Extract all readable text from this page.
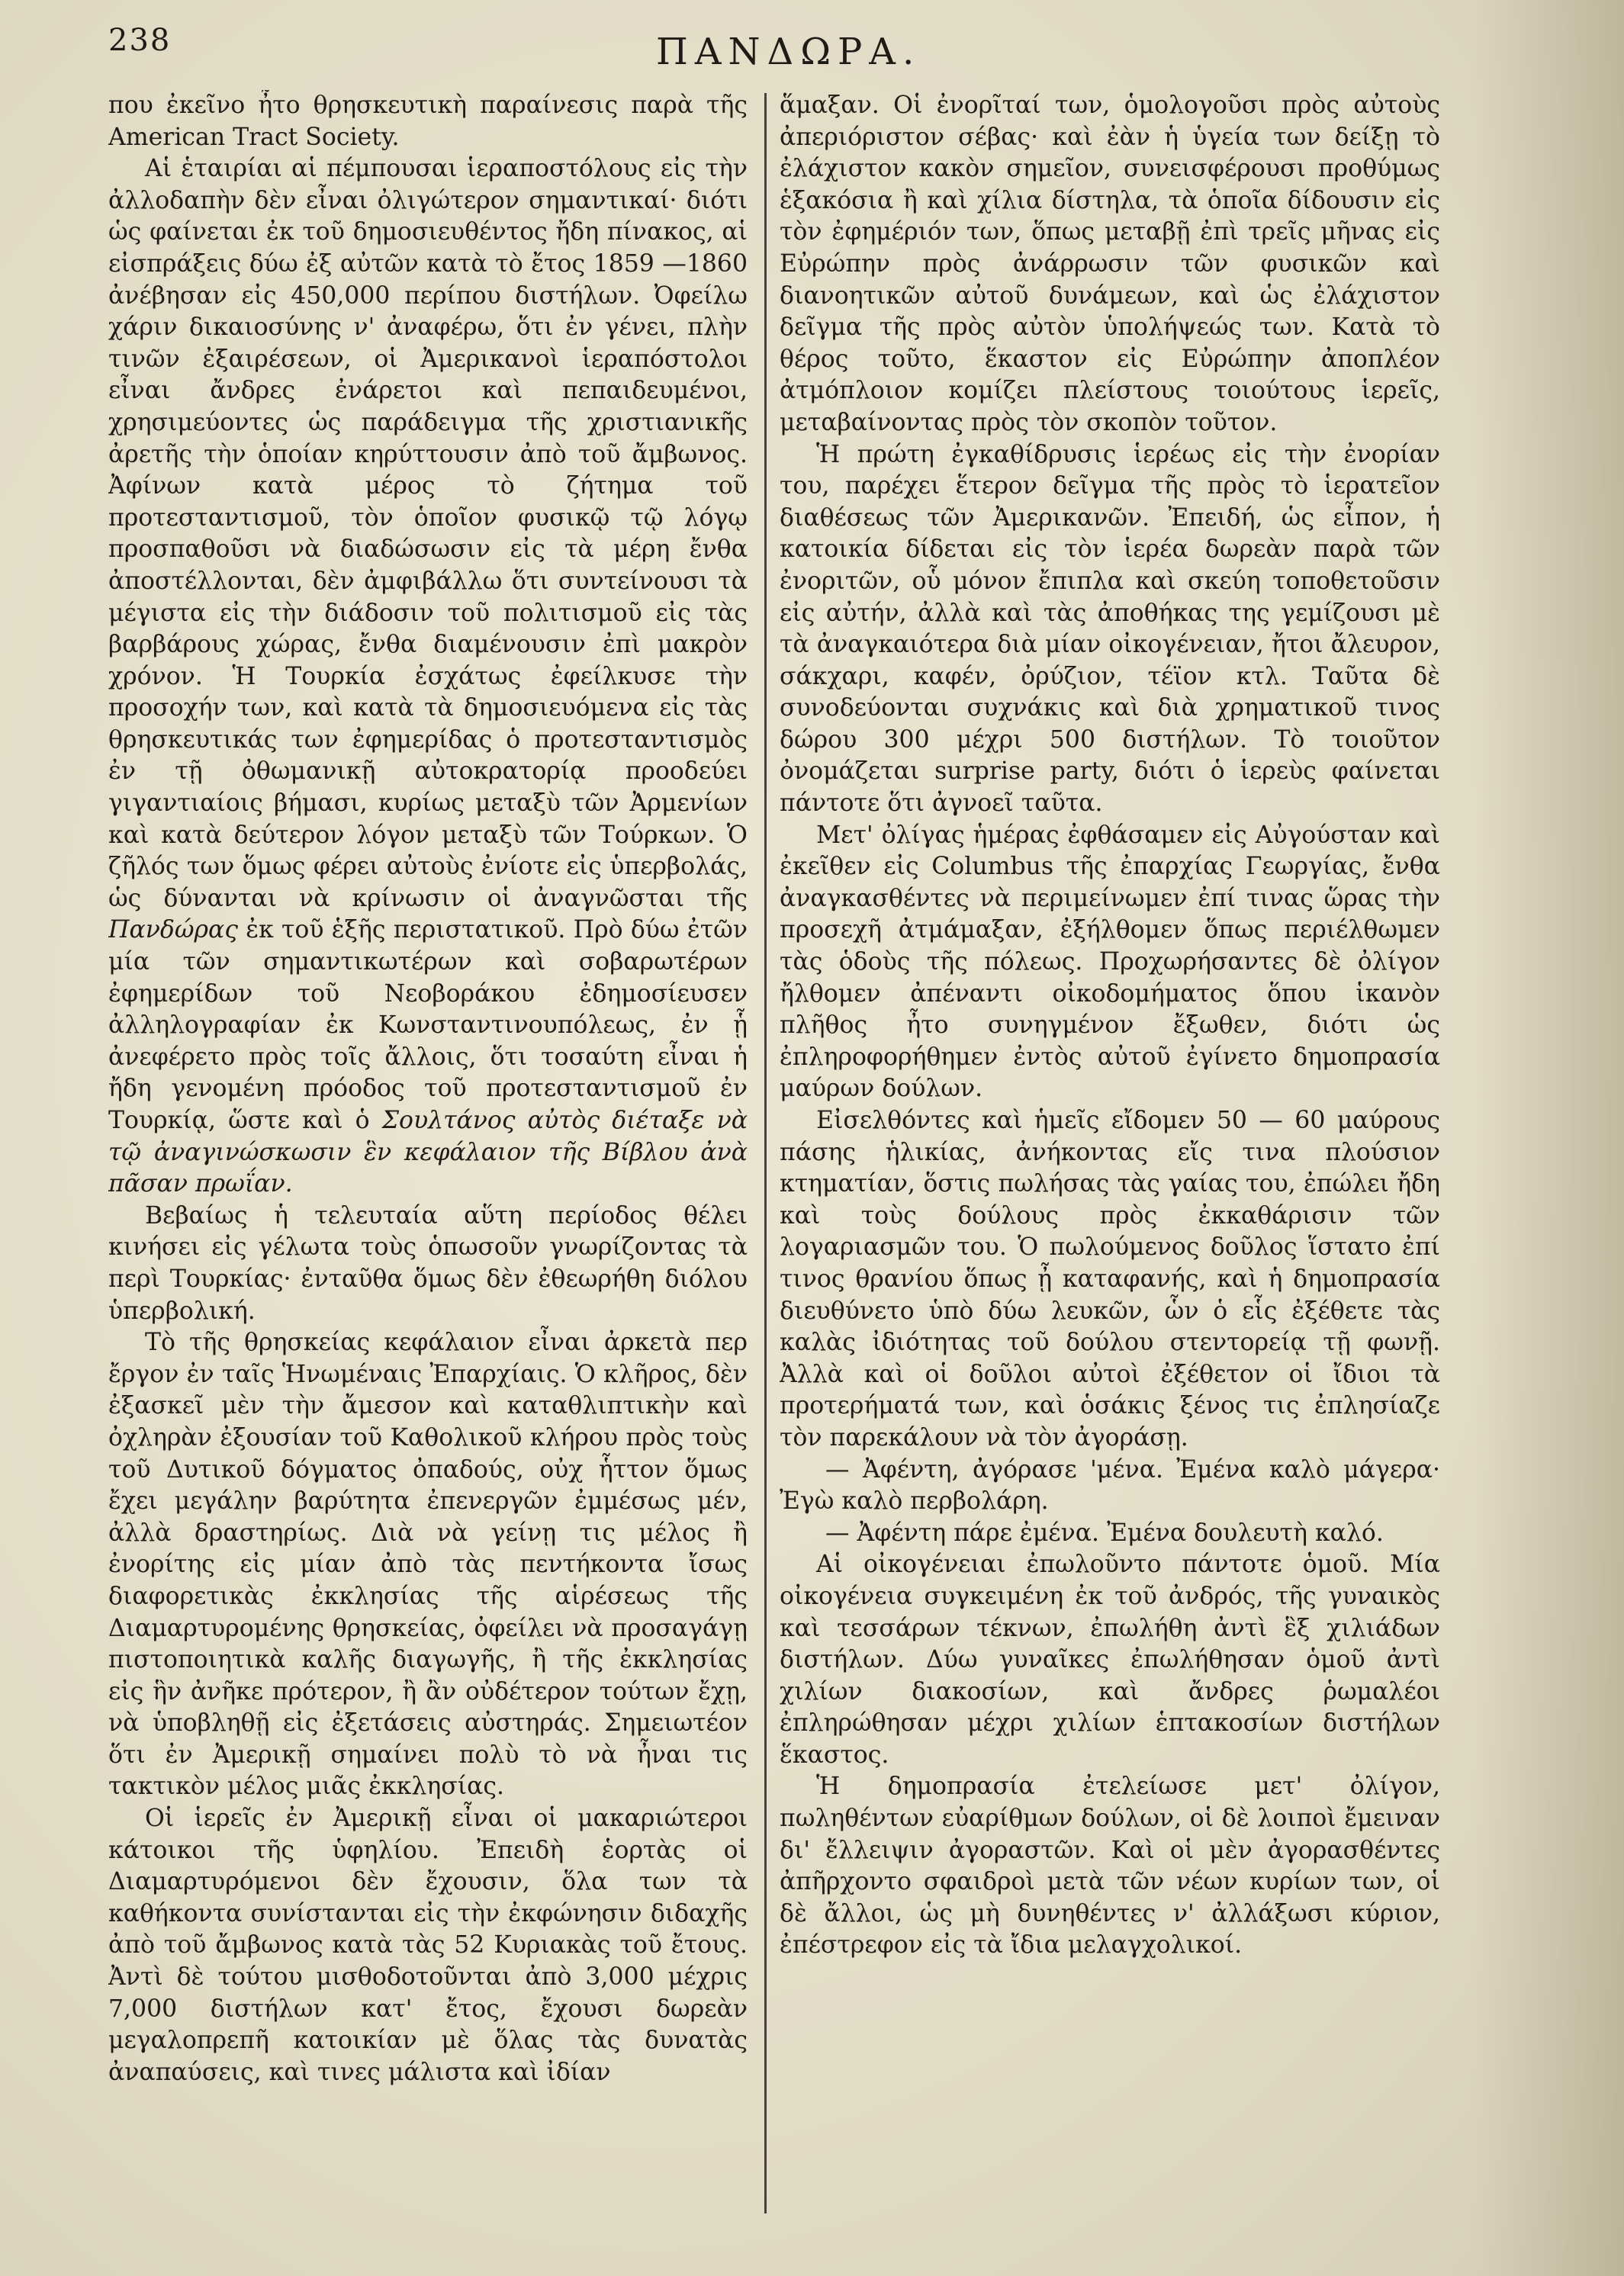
238	ΠΑΝΔΩΡΑ.

που ἐκεῖνο ἦτο θρησκευτικὴ παραίνεσις παρὰ τῆς American Tract Society.

Αἱ ἑταιρίαι αἱ πέμπουσαι ἱεραποστόλους εἰς τὴν ἀλλοδαπὴν δὲν εἶναι ὀλιγώτερον σημαντικαί· διότι ὡς φαίνεται ἐκ τοῦ δημοσιευθέντος ἤδη πίνακος, αἱ εἰσπράξεις δύω ἐξ αὐτῶν κατὰ τὸ ἔτος 1859 —1860 ἀνέβησαν εἰς 450,000 περίπου διστήλων. Ὀφείλω χάριν δικαιοσύνης ν' ἀναφέρω, ὅτι ἐν γένει, πλὴν τινῶν ἐξαιρέσεων, οἱ Ἀμερικανοὶ ἱεραπόστολοι εἶναι ἄνδρες ἐνάρετοι καὶ πεπαιδευμένοι, χρησιμεύοντες ὡς παράδειγμα τῆς χριστιανικῆς ἀρετῆς τὴν ὁποίαν κηρύττουσιν ἀπὸ τοῦ ἄμβωνος. Ἀφίνων κατὰ μέρος τὸ ζήτημα τοῦ προτεσταντισμοῦ, τὸν ὁποῖον φυσικῷ τῷ λόγῳ προσπαθοῦσι νὰ διαδώσωσιν εἰς τὰ μέρη ἔνθα ἀποστέλλονται, δὲν ἀμφιβάλλω ὅτι συντείνουσι τὰ μέγιστα εἰς τὴν διάδοσιν τοῦ πολιτισμοῦ εἰς τὰς βαρβάρους χώρας, ἔνθα διαμένουσιν ἐπὶ μακρὸν χρόνον. Ἡ Τουρκία ἐσχάτως ἐφείλκυσε τὴν προσοχήν των, καὶ κατὰ τὰ δημοσιευόμενα εἰς τὰς θρησκευτικάς των ἐφημερίδας ὁ προτεσταντισμὸς ἐν τῇ ὀθωμανικῇ αὐτοκρατορίᾳ προοδεύει γιγαντιαίοις βήμασι, κυρίως μεταξὺ τῶν Ἀρμενίων καὶ κατὰ δεύτερον λόγον μεταξὺ τῶν Τούρκων. Ὁ ζῆλός των ὅμως φέρει αὐτοὺς ἐνίοτε εἰς ὑπερβολάς, ὡς δύνανται νὰ κρίνωσιν οἱ ἀναγνῶσται τῆς Πανδώρας ἐκ τοῦ ἑξῆς περιστατικοῦ. Πρὸ δύω ἐτῶν μία τῶν σημαντικωτέρων καὶ σοβαρωτέρων ἐφημερίδων τοῦ Νεοβοράκου ἐδημοσίευσεν ἀλληλογραφίαν ἐκ Κωνσταντινουπόλεως, ἐν ᾗ ἀνεφέρετο πρὸς τοῖς ἄλλοις, ὅτι τοσαύτη εἶναι ἡ ἤδη γενομένη πρόοδος τοῦ προτεσταντισμοῦ ἐν Τουρκίᾳ, ὥστε καὶ ὁ Σουλτάνος αὐτὸς διέταξε νὰ τῷ ἀναγινώσκωσιν ἓν κεφάλαιον τῆς Βίβλου ἀνὰ πᾶσαν πρωΐαν.

Βεβαίως ἡ τελευταία αὕτη περίοδος θέλει κινήσει εἰς γέλωτα τοὺς ὁπωσοῦν γνωρίζοντας τὰ περὶ Τουρκίας· ἐνταῦθα ὅμως δὲν ἐθεωρήθη διόλου ὑπερβολική.

Τὸ τῆς θρησκείας κεφάλαιον εἶναι ἀρκετὰ περ ἔργον ἐν ταῖς Ἡνωμέναις Ἐπαρχίαις. Ὁ κλῆρος, δὲν ἐξασκεῖ μὲν τὴν ἄμεσον καὶ καταθλιπτικὴν καὶ ὀχληρὰν ἐξουσίαν τοῦ Καθολικοῦ κλήρου πρὸς τοὺς τοῦ Δυτικοῦ δόγματος ὀπαδούς, οὐχ ἧττον ὅμως ἔχει μεγάλην βαρύτητα ἐπενεργῶν ἐμμέσως μέν, ἀλλὰ δραστηρίως. Διὰ νὰ γείνῃ τις μέλος ἢ ἐνορίτης εἰς μίαν ἀπὸ τὰς πεντήκοντα ἴσως διαφορετικὰς ἐκκλησίας τῆς αἱρέσεως τῆς Διαμαρτυρομένης θρησκείας, ὀφείλει νὰ προσαγάγῃ πιστοποιητικὰ καλῆς διαγωγῆς, ἢ τῆς ἐκκλησίας εἰς ἣν ἀνῆκε πρότερον, ἢ ἂν οὐδέτερον τούτων ἔχῃ, νὰ ὑποβληθῇ εἰς ἐξετάσεις αὐστηράς. Σημειωτέον ὅτι ἐν Ἀμερικῇ σημαίνει πολὺ τὸ νὰ ἦναι τις τακτικὸν μέλος μιᾶς ἐκκλησίας.

Οἱ ἱερεῖς ἐν Ἀμερικῇ εἶναι οἱ μακαριώτεροι κάτοικοι τῆς ὑφηλίου. Ἐπειδὴ ἑορτὰς οἱ Διαμαρτυρόμενοι δὲν ἔχουσιν, ὅλα των τὰ καθήκοντα συνίστανται εἰς τὴν ἐκφώνησιν διδαχῆς ἀπὸ τοῦ ἄμβωνος κατὰ τὰς 52 Κυριακὰς τοῦ ἔτους. Ἀντὶ δὲ τούτου μισθοδοτοῦνται ἀπὸ 3,000 μέχρις 7,000 διστήλων κατ' ἔτος, ἔχουσι δωρεὰν μεγαλοπρεπῆ κατοικίαν μὲ ὅλας τὰς δυνατὰς ἀναπαύσεις, καὶ τινες μάλιστα καὶ ἰδίαν

ἅμαξαν. Οἱ ἐνορῖταί των, ὁμολογοῦσι πρὸς αὐτοὺς ἀπεριόριστον σέβας· καὶ ἐὰν ἡ ὑγεία των δείξῃ τὸ ἐλάχιστον κακὸν σημεῖον, συνεισφέρουσι προθύμως ἑξακόσια ἢ καὶ χίλια δίστηλα, τὰ ὁποῖα δίδουσιν εἰς τὸν ἐφημέριόν των, ὅπως μεταβῇ ἐπὶ τρεῖς μῆνας εἰς Εὐρώπην πρὸς ἀνάρρωσιν τῶν φυσικῶν καὶ διανοητικῶν αὐτοῦ δυνάμεων, καὶ ὡς ἐλάχιστον δεῖγμα τῆς πρὸς αὐτὸν ὑπολήψεώς των. Κατὰ τὸ θέρος τοῦτο, ἕκαστον εἰς Εὐρώπην ἀποπλέον ἀτμόπλοιον κομίζει πλείστους τοιούτους ἱερεῖς, μεταβαίνοντας πρὸς τὸν σκοπὸν τοῦτον.

Ἡ πρώτη ἐγκαθίδρυσις ἱερέως εἰς τὴν ἐνορίαν του, παρέχει ἕτερον δεῖγμα τῆς πρὸς τὸ ἱερατεῖον διαθέσεως τῶν Ἀμερικανῶν. Ἐπειδή, ὡς εἶπον, ἡ κατοικία δίδεται εἰς τὸν ἱερέα δωρεὰν παρὰ τῶν ἐνοριτῶν, οὗ μόνον ἔπιπλα καὶ σκεύη τοποθετοῦσιν εἰς αὐτήν, ἀλλὰ καὶ τὰς ἀποθήκας της γεμίζουσι μὲ τὰ ἀναγκαιότερα διὰ μίαν οἰκογένειαν, ἤτοι ἄλευρον, σάκχαρι, καφέν, ὀρύζιον, τέϊον κτλ. Ταῦτα δὲ συνοδεύονται συχνάκις καὶ διὰ χρηματικοῦ τινος δώρου 300 μέχρι 500 διστήλων. Τὸ τοιοῦτον ὀνομάζεται surprise party, διότι ὁ ἱερεὺς φαίνεται πάντοτε ὅτι ἀγνοεῖ ταῦτα.

Μετ' ὀλίγας ἡμέρας ἐφθάσαμεν εἰς Αὐγούσταν καὶ ἐκεῖθεν εἰς Columbus τῆς ἐπαρχίας Γεωργίας, ἔνθα ἀναγκασθέντες νὰ περιμείνωμεν ἐπί τινας ὥρας τὴν προσεχῆ ἀτμάμαξαν, ἐξήλθομεν ὅπως περιέλθωμεν τὰς ὁδοὺς τῆς πόλεως. Προχωρήσαντες δὲ ὀλίγον ἤλθομεν ἀπέναντι οἰκοδομήματος ὅπου ἱκανὸν πλῆθος ἦτο συνηγμένον ἔξωθεν, διότι ὡς ἐπληροφορήθημεν ἐντὸς αὐτοῦ ἐγίνετο δημοπρασία μαύρων δούλων.

Εἰσελθόντες καὶ ἡμεῖς εἴδομεν 50 — 60 μαύρους πάσης ἡλικίας, ἀνήκοντας εἴς τινα πλούσιον κτηματίαν, ὅστις πωλήσας τὰς γαίας του, ἐπώλει ἤδη καὶ τοὺς δούλους πρὸς ἐκκαθάρισιν τῶν λογαριασμῶν του. Ὁ πωλούμενος δοῦλος ἵστατο ἐπί τινος θρανίου ὅπως ᾖ καταφανής, καὶ ἡ δημοπρασία διευθύνετο ὑπὸ δύω λευκῶν, ὧν ὁ εἷς ἐξέθετε τὰς καλὰς ἰδιότητας τοῦ δούλου στεντορείᾳ τῇ φωνῇ. Ἀλλὰ καὶ οἱ δοῦλοι αὐτοὶ ἐξέθετον οἱ ἴδιοι τὰ προτερήματά των, καὶ ὁσάκις ξένος τις ἐπλησίαζε τὸν παρεκάλουν νὰ τὸν ἀγοράσῃ.

— Ἀφέντη, ἀγόρασε 'μένα. Ἐμένα καλὸ μάγερα· Ἐγὼ καλὸ περβολάρη.

— Ἀφέντη πάρε ἐμένα. Ἐμένα δουλευτὴ καλό.

Αἱ οἰκογένειαι ἐπωλοῦντο πάντοτε ὁμοῦ. Μία οἰκογένεια συγκειμένη ἐκ τοῦ ἀνδρός, τῆς γυναικὸς καὶ τεσσάρων τέκνων, ἐπωλήθη ἀντὶ ἓξ χιλιάδων διστήλων. Δύω γυναῖκες ἐπωλήθησαν ὁμοῦ ἀντὶ χιλίων διακοσίων, καὶ ἄνδρες ῥωμαλέοι ἐπληρώθησαν μέχρι χιλίων ἑπτακοσίων διστήλων ἕκαστος.

Ἡ δημοπρασία ἐτελείωσε μετ' ὀλίγον, πωληθέντων εὐαρίθμων δούλων, οἱ δὲ λοιποὶ ἔμειναν δι' ἔλλειψιν ἀγοραστῶν. Καὶ οἱ μὲν ἀγορασθέντες ἀπῆρχοντο σφαιδροὶ μετὰ τῶν νέων κυρίων των, οἱ δὲ ἄλλοι, ὡς μὴ δυνηθέντες ν' ἀλλάξωσι κύριον, ἐπέστρεφον εἰς τὰ ἴδια μελαγχολικοί.
